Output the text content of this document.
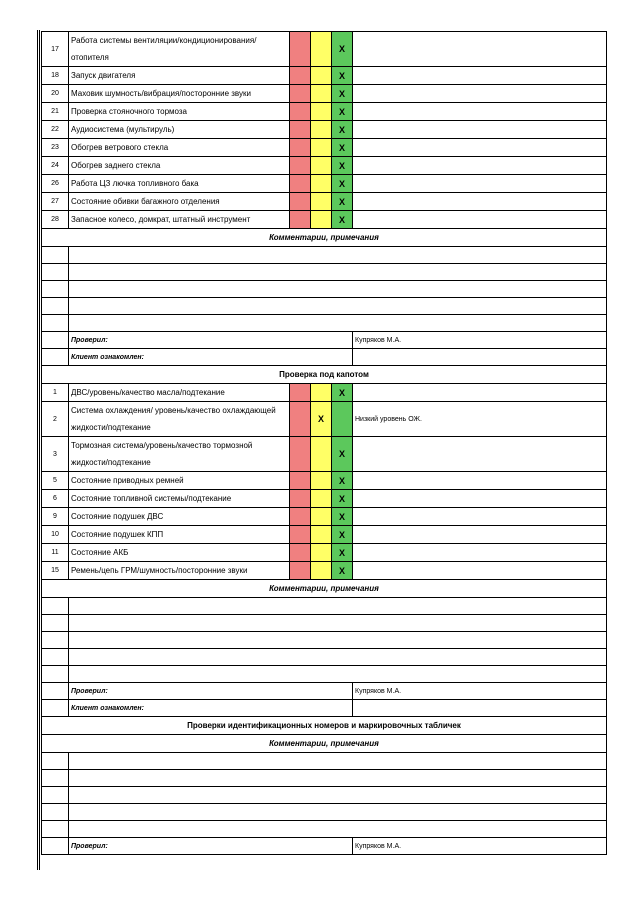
17	Работа системы вентиляции/кондиционирования/ отопителя			X	
18	Запуск двигателя			X	
20	Маховик шумность/вибрация/посторонние звуки			X	
21	Проверка стояночного тормоза			X	
22	Аудиосистема (мультируль)			X	
23	Обогрев ветрового стекла			X	
24	Обогрев заднего стекла			X	
26	Работа ЦЗ лючка топливного бака			X	
27	Состояние обивки багажного отделения			X	
28	Запасное колесо, домкрат, штатный инструмент			X	
Комментарии, примечания					

	Проверил:				Купряков М.А.
	Клиент ознакомлен:				
Проверка под капотом					
1	ДВС/уровень/качество масла/подтекание			X	
2	Система охлаждения/ уровень/качество охлаждающей жидкости/подтекание		X		Низкий уровень ОЖ.
3	Тормозная система/уровень/качество тормозной жидкости/подтекание			X	
5	Состояние приводных ремней			X	
6	Состояние топливной системы/подтекание			X	
9	Состояние подушек ДВС			X	
10	Состояние подушек КПП			X	
11	Состояние АКБ			X	
15	Ремень/цепь ГРМ/шумность/посторонние звуки			X	
Комментарии, примечания					

	Проверил:				Купряков М.А.
	Клиент ознакомлен:				
Проверки идентификационных номеров и маркировочных табличек					
Комментарии, примечания					

	Проверил:				Купряков М.А.
